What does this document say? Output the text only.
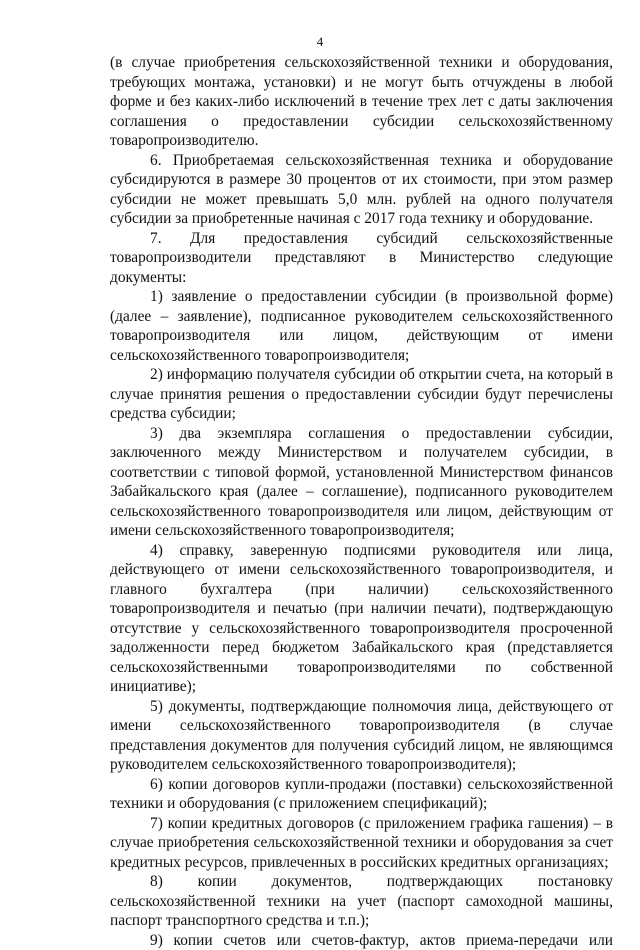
4

(в случае приобретения сельскохозяйственной техники и оборудования, требующих монтажа, установки) и не могут быть отчуждены в любой форме и без каких-либо исключений в течение трех лет с даты заключения соглашения о предоставлении субсидии сельскохозяйственному товаропроизводителю.

6. Приобретаемая сельскохозяйственная техника и оборудование субсидируются в размере 30 процентов от их стоимости, при этом размер субсидии не может превышать 5,0 млн. рублей на одного получателя субсидии за приобретенные начиная с 2017 года технику и оборудование.

7. Для предоставления субсидий сельскохозяйственные товаропроизводители представляют в Министерство следующие документы:

1) заявление о предоставлении субсидии (в произвольной форме) (далее – заявление), подписанное руководителем сельскохозяйственного товаропроизводителя или лицом, действующим от имени сельскохозяйственного товаропроизводителя;

2) информацию получателя субсидии об открытии счета, на который в случае принятия решения о предоставлении субсидии будут перечислены средства субсидии;

3) два экземпляра соглашения о предоставлении субсидии, заключенного между Министерством и получателем субсидии, в соответствии с типовой формой, установленной Министерством финансов Забайкальского края (далее – соглашение), подписанного руководителем сельскохозяйственного товаропроизводителя или лицом, действующим от имени сельскохозяйственного товаропроизводителя;

4) справку, заверенную подписями руководителя или лица, действующего от имени сельскохозяйственного товаропроизводителя, и главного бухгалтера (при наличии) сельскохозяйственного товаропроизводителя и печатью (при наличии печати), подтверждающую отсутствие у сельскохозяйственного товаропроизводителя просроченной задолженности перед бюджетом Забайкальского края (представляется сельскохозяйственными товаропроизводителями по собственной инициативе);

5) документы, подтверждающие полномочия лица, действующего от имени сельскохозяйственного товаропроизводителя (в случае представления документов для получения субсидий лицом, не являющимся руководителем сельскохозяйственного товаропроизводителя);

6) копии договоров купли-продажи (поставки) сельскохозяйственной техники и оборудования (с приложением спецификаций);

7) копии кредитных договоров (с приложением графика гашения) – в случае приобретения сельскохозяйственной техники и оборудования за счет кредитных ресурсов, привлеченных в российских кредитных организациях;

8) копии документов, подтверждающих постановку сельскохозяйственной техники на учет (паспорт самоходной машины, паспорт транспортного средства и т.п.);

9) копии счетов или счетов-фактур, актов приема-передачи или
